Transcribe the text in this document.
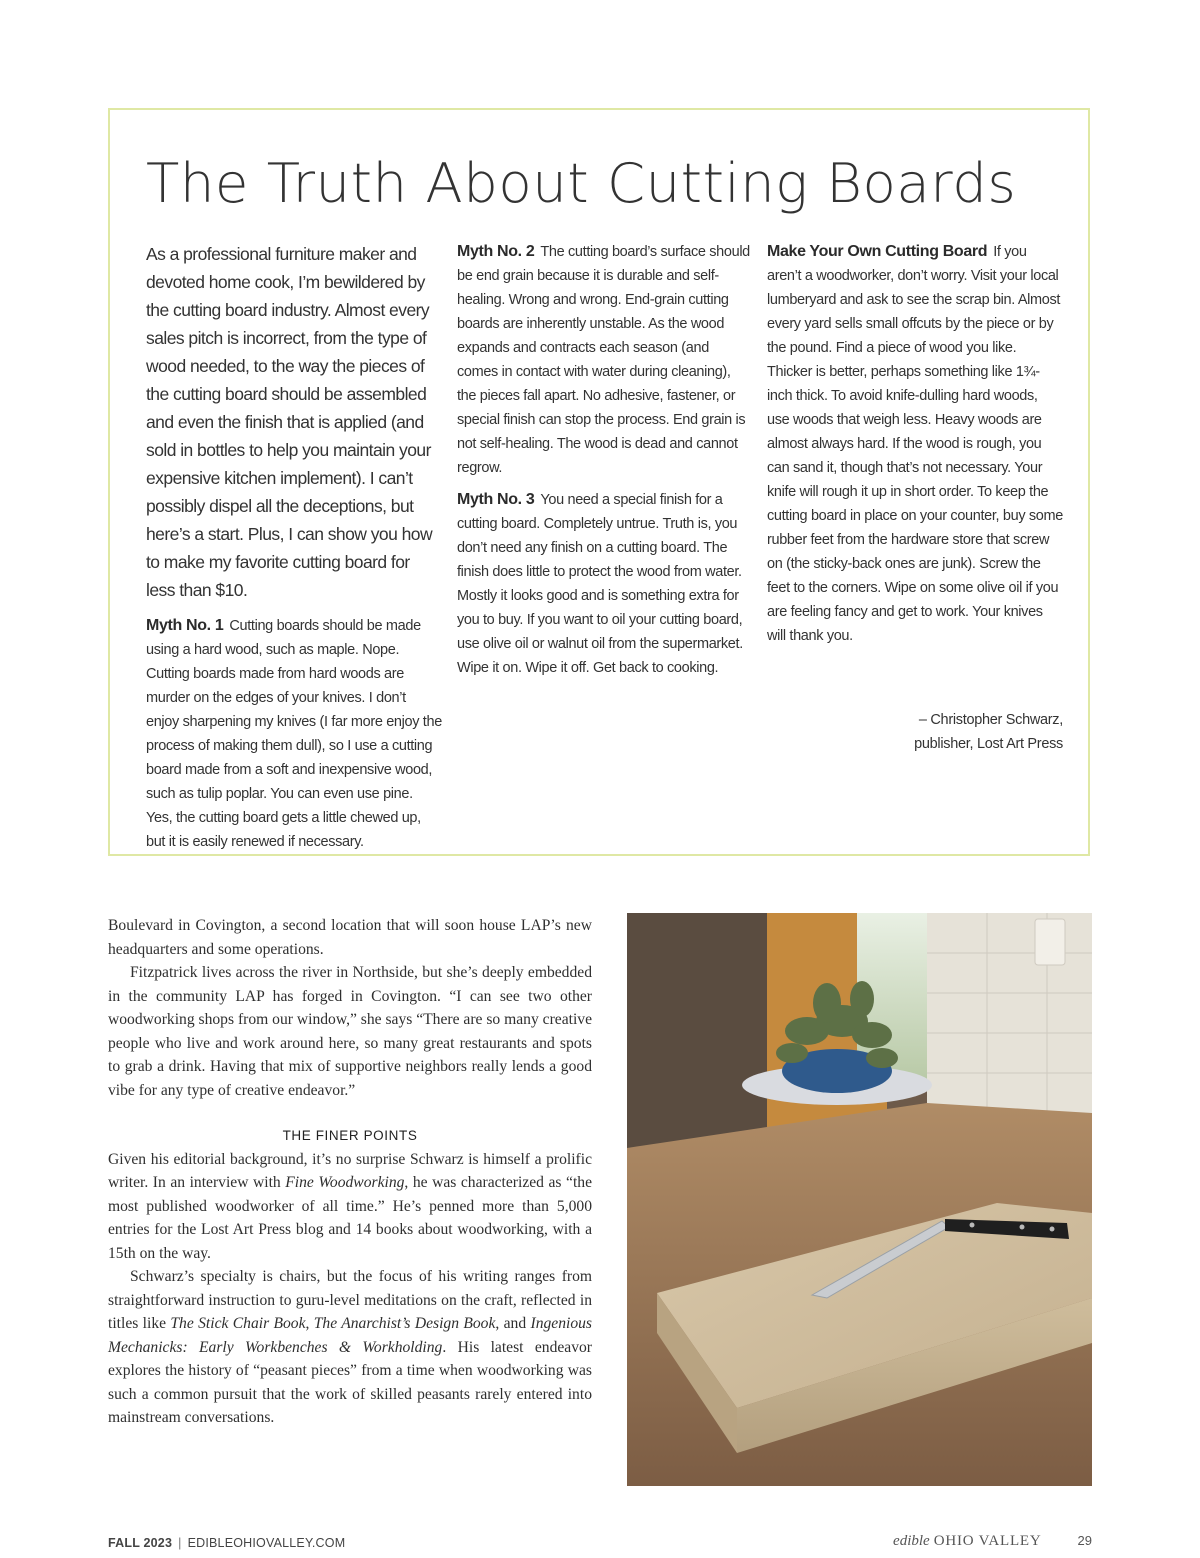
The Truth About Cutting Boards

As a professional furniture maker and devoted home cook, I’m bewildered by the cutting board industry. Almost every sales pitch is incorrect, from the type of wood needed, to the way the pieces of the cutting board should be assembled and even the finish that is applied (and sold in bottles to help you maintain your expensive kitchen implement). I can’t possibly dispel all the deceptions, but here’s a start. Plus, I can show you how to make my favorite cutting board for less than $10.

Myth No. 1 Cutting boards should be made using a hard wood, such as maple. Nope. Cutting boards made from hard woods are murder on the edges of your knives. I don’t enjoy sharpening my knives (I far more enjoy the process of making them dull), so I use a cutting board made from a soft and inexpensive wood, such as tulip poplar. You can even use pine. Yes, the cutting board gets a little chewed up, but it is easily renewed if necessary.

Myth No. 2 The cutting board’s surface should be end grain because it is durable and self-healing. Wrong and wrong. End-grain cutting boards are inherently unstable. As the wood expands and contracts each season (and comes in contact with water during cleaning), the pieces fall apart. No adhesive, fastener, or special finish can stop the process. End grain is not self-healing. The wood is dead and cannot regrow.

Myth No. 3 You need a special finish for a cutting board. Completely untrue. Truth is, you don’t need any finish on a cutting board. The finish does little to protect the wood from water. Mostly it looks good and is something extra for you to buy. If you want to oil your cutting board, use olive oil or walnut oil from the supermarket. Wipe it on. Wipe it off. Get back to cooking.

Make Your Own Cutting Board If you aren’t a woodworker, don’t worry. Visit your local lumberyard and ask to see the scrap bin. Almost every yard sells small offcuts by the piece or by the pound. Find a piece of wood you like. Thicker is better, perhaps something like 1¾-inch thick. To avoid knife-dulling hard woods, use woods that weigh less. Heavy woods are almost always hard. If the wood is rough, you can sand it, though that’s not necessary. Your knife will rough it up in short order. To keep the cutting board in place on your counter, buy some rubber feet from the hardware store that screw on (the sticky-back ones are junk). Screw the feet to the corners. Wipe on some olive oil if you are feeling fancy and get to work. Your knives will thank you.

– Christopher Schwarz,
publisher, Lost Art Press

Boulevard in Covington, a second location that will soon house LAP’s new headquarters and some operations.

Fitzpatrick lives across the river in Northside, but she’s deeply embedded in the community LAP has forged in Covington. “I can see two other woodworking shops from our window,” she says “There are so many creative people who live and work around here, so many great restaurants and spots to grab a drink. Having that mix of supportive neighbors really lends a good vibe for any type of creative endeavor.”

THE FINER POINTS

Given his editorial background, it’s no surprise Schwarz is himself a prolific writer. In an interview with Fine Woodworking, he was characterized as “the most published woodworker of all time.” He’s penned more than 5,000 entries for the Lost Art Press blog and 14 books about woodworking, with a 15th on the way.

Schwarz’s specialty is chairs, but the focus of his writing ranges from straightforward instruction to guru-level meditations on the craft, reflected in titles like The Stick Chair Book, The Anarchist’s Design Book, and Ingenious Mechanicks: Early Workbenches & Workholding. His latest endeavor explores the history of “peasant pieces” from a time when woodworking was such a common pursuit that the work of skilled peasants rarely entered into mainstream conversations.

FALL 2023 | EDIBLEOHIOVALLEY.COM	edible OHIO VALLEY	29
